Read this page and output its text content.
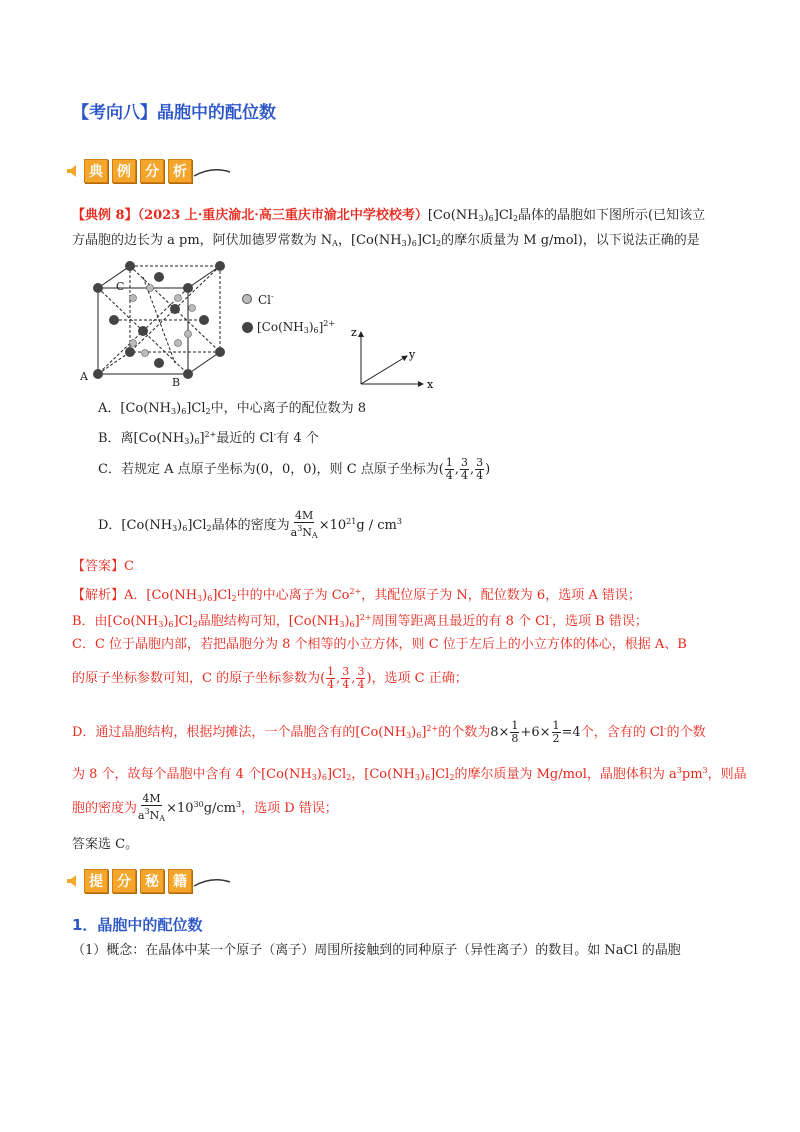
【考向八】晶胞中的配位数
典	例	分	析
【典例 8】（2023 上·重庆渝北·高三重庆市渝北中学校校考）$[Co(NH_3)_6]Cl_2$晶体的晶胞如下图所示(已知该立
方晶胞的边长为 a pm，阿伏加德罗常数为 $N_A$，$[Co(NH_3)_6]Cl_2$的摩尔质量为 M g/mol)，以下说法正确的是
A	B
C
Cl-
$[Co(NH_3)_6]^{2+}$
z
x
y
A．$[Co(NH_3)_6]Cl_2$中，中心离子的配位数为 8
B．离$[Co(NH_3)_6]^{2+}$最近的 Cl-有 4 个
C．若规定 A 点原子坐标为(0，0，0)，则 C 点原子坐标为( $\frac{1}{4}$ , $\frac{3}{4}$ , $\frac{3}{4}$ )
D．$[Co(NH_3)_6]Cl_2$晶体的密度为 $\frac{4M}{a^3N_A} \times 10^{21}g / cm^3$
【答案】C
【解析】A．$[Co(NH_3)_6]Cl_2$中的中心离子为 $Co^{2+}$，其配位原子为 N，配位数为 6，选项 A 错误；
B．由$[Co(NH_3)_6]Cl_2$晶胞结构可知，$[Co(NH_3)_6]^{2+}$周围等距离且最近的有 8 个 Cl-，选项 B 错误；
C．C 位于晶胞内部，若把晶胞分为 8 个相等的小立方体，则 C 位于左后上的小立方体的体心，根据 A、B
的原子坐标参数可知，C 的原子坐标参数为( $\frac{1}{4}$ , $\frac{3}{4}$ , $\frac{3}{4}$ )，选项 C 正确；
D．通过晶胞结构，根据均摊法，一个晶胞含有的$[Co(NH_3)_6]^{2+}$的个数为$8\times \frac{1}{8} +6\times \frac{1}{2} =4$个，含有的 Cl-的个数
为 8 个，故每个晶胞中含有 4 个$[Co(NH_3)_6]Cl_2$，$[Co(NH_3)_6]Cl_2$的摩尔质量为 Mg/mol，晶胞体积为 $a^3pm^3$，则晶
胞的密度为 $\frac{4M}{a^3N_A} \times 10^{30}g/cm^3$，选项 D 错误；
答案选 C。
提	分	秘	籍
1．晶胞中的配位数
（1）概念：在晶体中某一个原子（离子）周围所接触到的同种原子（异性离子）的数目。如 NaCl 的晶胞
